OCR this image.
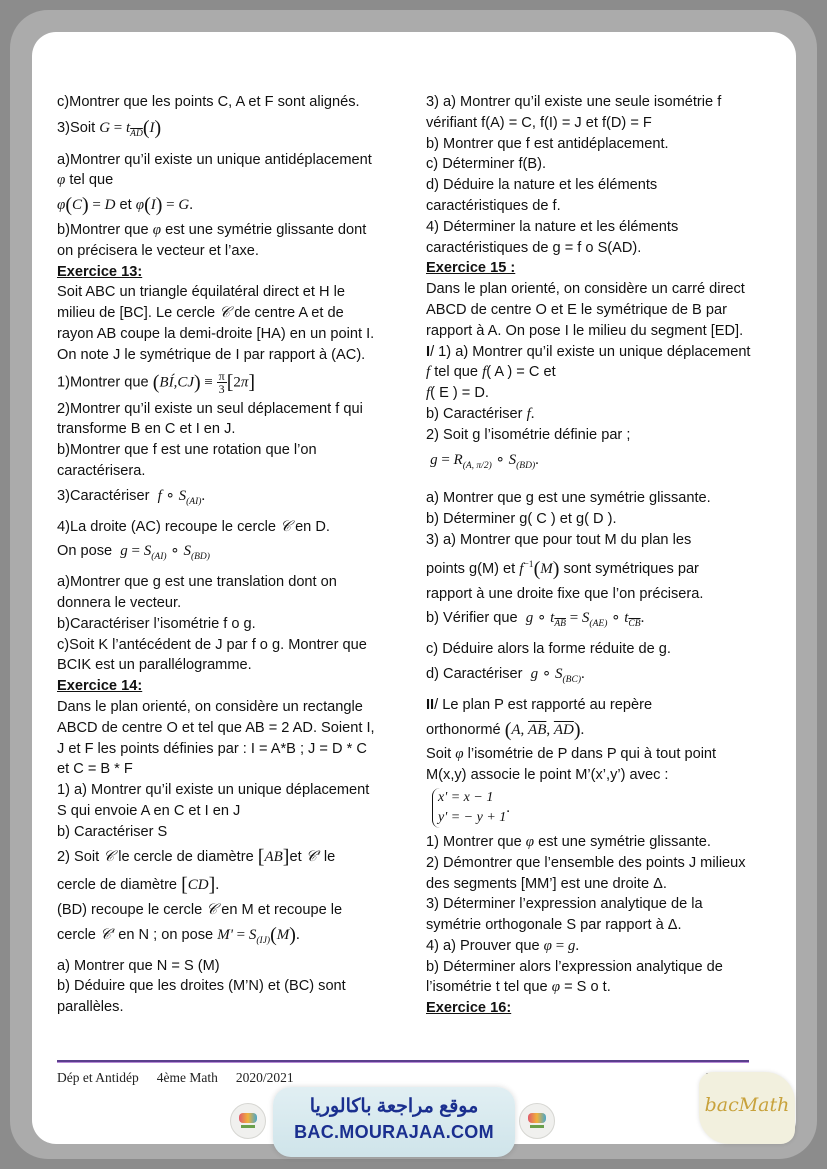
c)Montrer que les points C, A et F sont alignés.

3)Soit $G = t_{\overline{AD}}(I)$

a)Montrer qu’il existe un unique antidéplacement φ tel que

φ(C) = D et φ(I) = G.

b)Montrer que φ est une symétrie glissante dont on précisera le vecteur et l’axe.

Exercice 13:

Soit ABC un triangle équilatéral direct et H le milieu de [BC]. Le cercle 𝒞 de centre A et de rayon AB coupe la demi-droite [HA) en un point I. On note J le symétrique de I par rapport à (AC).

1)Montrer que (BÍ,CJ) ≡ $\frac{\pi}{3} [2\pi]$

2)Montrer qu’il existe un seul déplacement f qui transforme B en C et I en J.

b)Montrer que f est une rotation que l’on caractérisera.

3)Caractériser f ∘ $S_{(AI)}$.

4)La droite (AC) recoupe le cercle 𝒞 en D.

On pose $g = S_{(AI)}$ ∘ $S_{(BD)}$

a)Montrer que g est une translation dont on donnera le vecteur.

b)Caractériser l’isométrie f o g.

c)Soit K l’antécédent de J par f o g. Montrer que BCIK est un parallélogramme.

Exercice 14:

Dans le plan orienté, on considère un rectangle ABCD de centre O et tel que AB = 2 AD. Soient I, J et F les points définies par : I = A*B ; J = D * C et C = B * F

1) a) Montrer qu’il existe un unique déplacement S qui envoie A en C et I en J

b) Caractériser S

2) Soit 𝒞 le cercle de diamètre [AB]et 𝒞' le

cercle de diamètre [CD].

(BD) recoupe le cercle 𝒞 en M et recoupe le

cercle 𝒞' en N ; on pose $M' = S_{(IJ)}(M)$.

a) Montrer que N = S (M)

b) Déduire que les droites (M’N) et (BC) sont parallèles.

3) a) Montrer qu’il existe une seule isométrie f vérifiant f(A) = C, f(I) = J et f(D) = F

b) Montrer que f est antidéplacement.

c) Déterminer f(B).

d) Déduire la nature et les éléments caractéristiques de f.

4) Déterminer la nature et les éléments caractéristiques de g = f o S(AD).

Exercice 15 :

Dans le plan orienté, on considère un carré direct ABCD de centre O et E le symétrique de B par rapport à A. On pose I le milieu du segment [ED].

I/ 1) a) Montrer qu’il existe un unique déplacement f tel que f( A ) = C et

f( E ) = D.

b) Caractériser f.

2) Soit g l’isométrie définie par ;

$g = R_{(A, \pi/2)}$ ∘ $S_{(BD)}$.

a) Montrer que g est une symétrie glissante.

b) Déterminer g( C ) et g( D ).

3) a) Montrer que pour tout M du plan les

points g(M) et $f^{-1}(M)$ sont symétriques par

rapport à une droite fixe que l’on précisera.

b) Vérifier que g ∘ $t_{\overline{AB}} = S_{(AE)}$ ∘ $t_{\overline{CB}}$.

c) Déduire alors la forme réduite de g.

d) Caractériser g ∘ $S_{(BC)}$.

II/ Le plan P est rapporté au repère

orthonormé (A, $\overline{AB}$, $\overline{AD}$).

Soit φ l’isométrie de P dans P qui à tout point M(x,y) associe le point M’(x’,y’) avec :

x' = x − 1
y' = − y + 1.

1) Montrer que φ est une symétrie glissante.

2) Démontrer que l’ensemble des points J milieux des segments [MM’] est une droite Δ.

3) Déterminer l’expression analytique de la symétrie orthogonale S par rapport à Δ.

4) a) Prouver que φ = g.

b) Déterminer alors l’expression analytique de l’isométrie t tel que φ = S o t.

Exercice 16:

Dép et Antidép 4ème Math 2020/2021
موقع مراجعة باكالوريا
BAC.MOURAJAA.COM
bacMath
